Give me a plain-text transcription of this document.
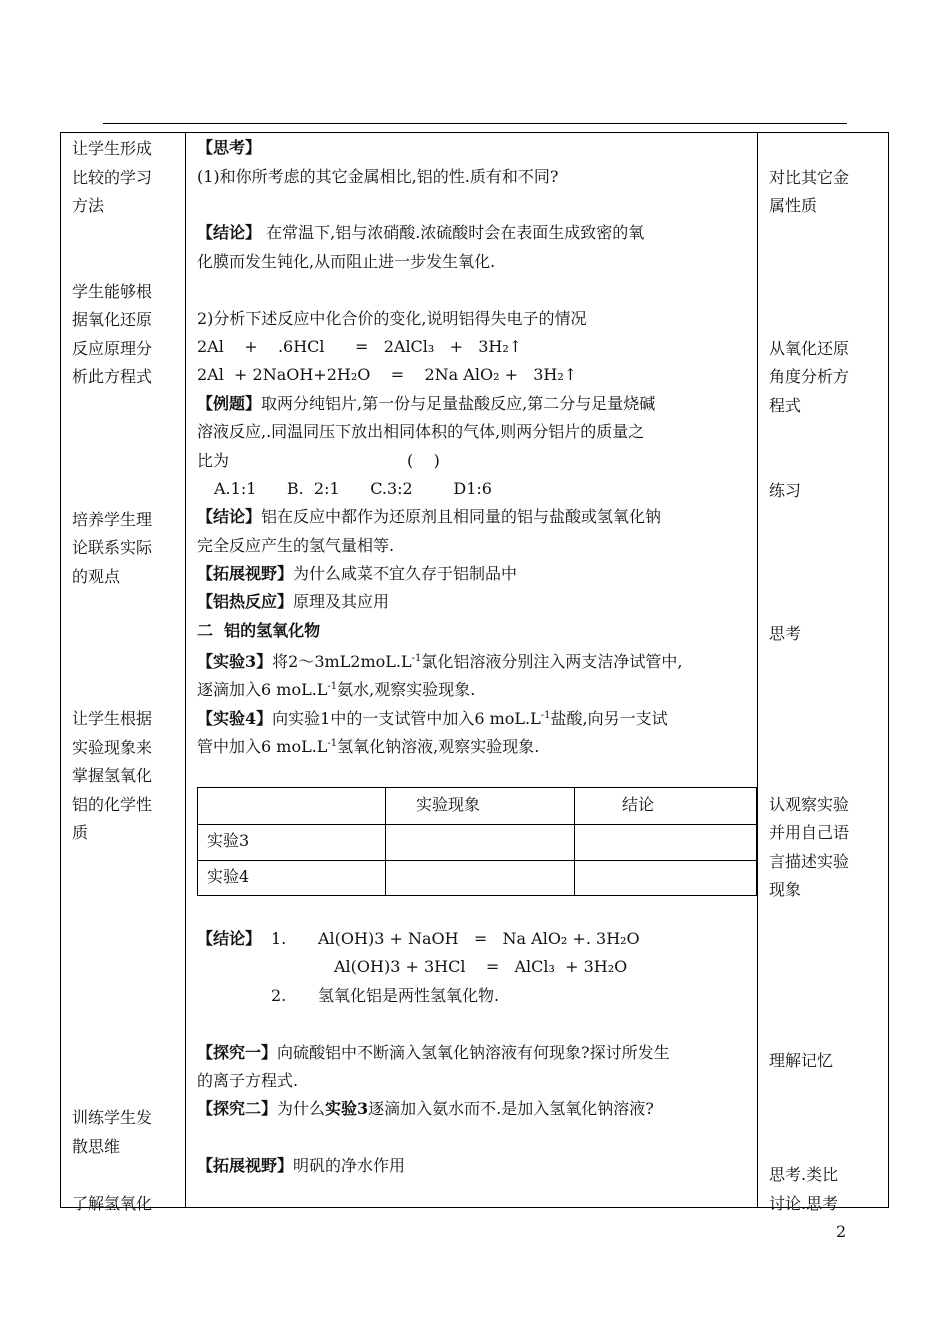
让学生形成
比较的学习
方法
学生能够根
据氧化还原
反应原理分
析此方程式
培养学生理
论联系实际
的观点
让学生根据
实验现象来
掌握氢氧化
铝的化学性
质
训练学生发
散思维
了解氢氧化
对比其它金
属性质
从氧化还原
角度分析方
程式
练习
思考
认观察实验
并用自己语
言描述实验
现象
理解记忆
思考.类比
讨论.思考
【思考】
(1)和你所考虑的其它金属相比,铝的性.质有和不同?
【结论】 在常温下,铝与浓硝酸.浓硫酸时会在表面生成致密的氧
化膜而发生钝化,从而阻止进一步发生氧化.
2)分析下述反应中化合价的变化,说明铝得失电子的情况
2Al    +    .6HCl      =   2AlCl₃   +   3H₂↑
2Al  + 2NaOH+2H₂O    =    2Na AlO₂ +   3H₂↑
【例题】取两分纯铝片,第一份与足量盐酸反应,第二分与足量烧碱
溶液反应,.同温同压下放出相同体积的气体,则两分铝片的质量之
比为                                   (    )
A.1:1      B.  2:1      C.3:2        D1:6
【结论】铝在反应中都作为还原剂且相同量的铝与盐酸或氢氧化钠
完全反应产生的氢气量相等.
【拓展视野】为什么咸菜不宜久存于铝制品中
【铝热反应】原理及其应用
二  铝的氢氧化物
【实验3】将$2\sim 3mL2moL.L^{-1}$氯化铝溶液分别注入两支洁净试管中,
逐滴加入6 $moL.L^{-1}$氨水,观察实验现象.
【实验4】向实验1中的一支试管中加入6 $moL.L^{-1}$盐酸,向另一支试
管中加入6 $moL.L^{-1}$氢氧化钠溶液,观察实验现象.
实验现象	结论
实验3
实验4
【结论】 1. Al(OH)3 + NaOH   =   Na AlO₂ +. 3H₂O
Al(OH)3 + 3HCl    =   AlCl₃  + 3H₂O
2. 氢氧化铝是两性氢氧化物.
【探究一】向硫酸铝中不断滴入氢氧化钠溶液有何现象?探讨所发生
的离子方程式.
【探究二】为什么实验3逐滴加入氨水而不.是加入氢氧化钠溶液?
【拓展视野】明矾的净水作用
2
